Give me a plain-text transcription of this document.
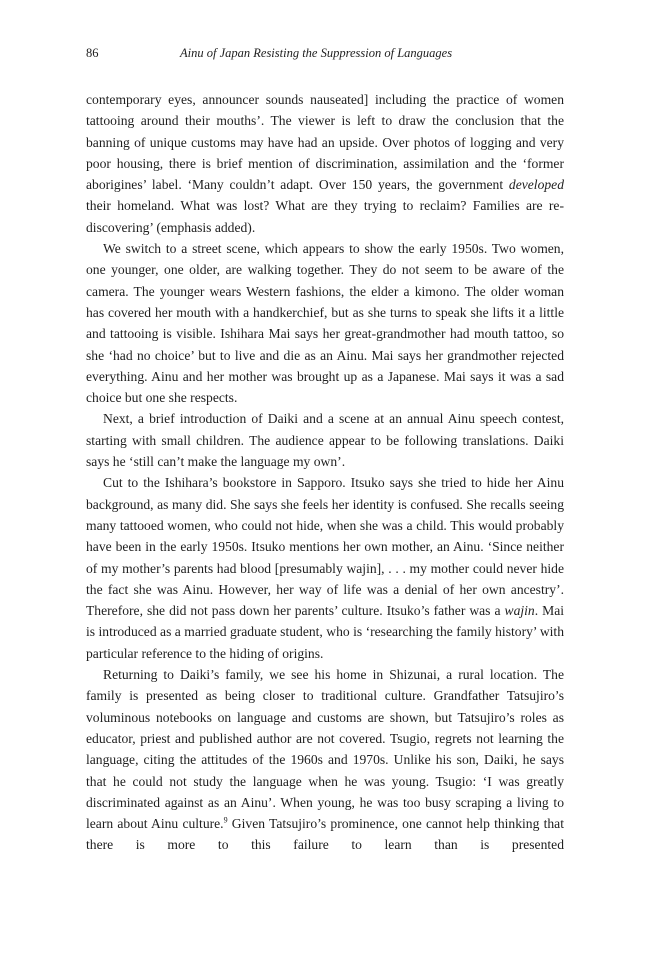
86	Ainu of Japan Resisting the Suppression of Languages

contemporary eyes, announcer sounds nauseated] including the practice of women tattooing around their mouths’. The viewer is left to draw the conclusion that the banning of unique customs may have had an upside. Over photos of logging and very poor housing, there is brief mention of discrimination, assimilation and the ‘former aborigines’ label. ‘Many couldn’t adapt. Over 150 years, the government developed their homeland. What was lost? What are they trying to reclaim? Families are re-discovering’ (emphasis added).

We switch to a street scene, which appears to show the early 1950s. Two women, one younger, one older, are walking together. They do not seem to be aware of the camera. The younger wears Western fashions, the elder a kimono. The older woman has covered her mouth with a handkerchief, but as she turns to speak she lifts it a little and tattooing is visible. Ishihara Mai says her great-grandmother had mouth tattoo, so she ‘had no choice’ but to live and die as an Ainu. Mai says her grandmother rejected everything. Ainu and her mother was brought up as a Japanese. Mai says it was a sad choice but one she respects.

Next, a brief introduction of Daiki and a scene at an annual Ainu speech contest, starting with small children. The audience appear to be following translations. Daiki says he ‘still can’t make the language my own’.

Cut to the Ishihara’s bookstore in Sapporo. Itsuko says she tried to hide her Ainu background, as many did. She says she feels her identity is confused. She recalls seeing many tattooed women, who could not hide, when she was a child. This would probably have been in the early 1950s. Itsuko mentions her own mother, an Ainu. ‘Since neither of my mother’s parents had blood [presumably wajin], . . . my mother could never hide the fact she was Ainu. However, her way of life was a denial of her own ancestry’. Therefore, she did not pass down her parents’ culture. Itsuko’s father was a wajin. Mai is introduced as a married graduate student, who is ‘researching the family history’ with particular reference to the hiding of origins.

Returning to Daiki’s family, we see his home in Shizunai, a rural location. The family is presented as being closer to traditional culture. Grandfather Tatsujiro’s voluminous notebooks on language and customs are shown, but Tatsujiro’s roles as educator, priest and published author are not covered. Tsugio, regrets not learning the language, citing the attitudes of the 1960s and 1970s. Unlike his son, Daiki, he says that he could not study the language when he was young. Tsugio: ‘I was greatly discriminated against as an Ainu’. When young, he was too busy scraping a living to learn about Ainu culture.$^9$ Given Tatsujiro’s prominence, one cannot help thinking that there is more to this failure to learn than is presented
